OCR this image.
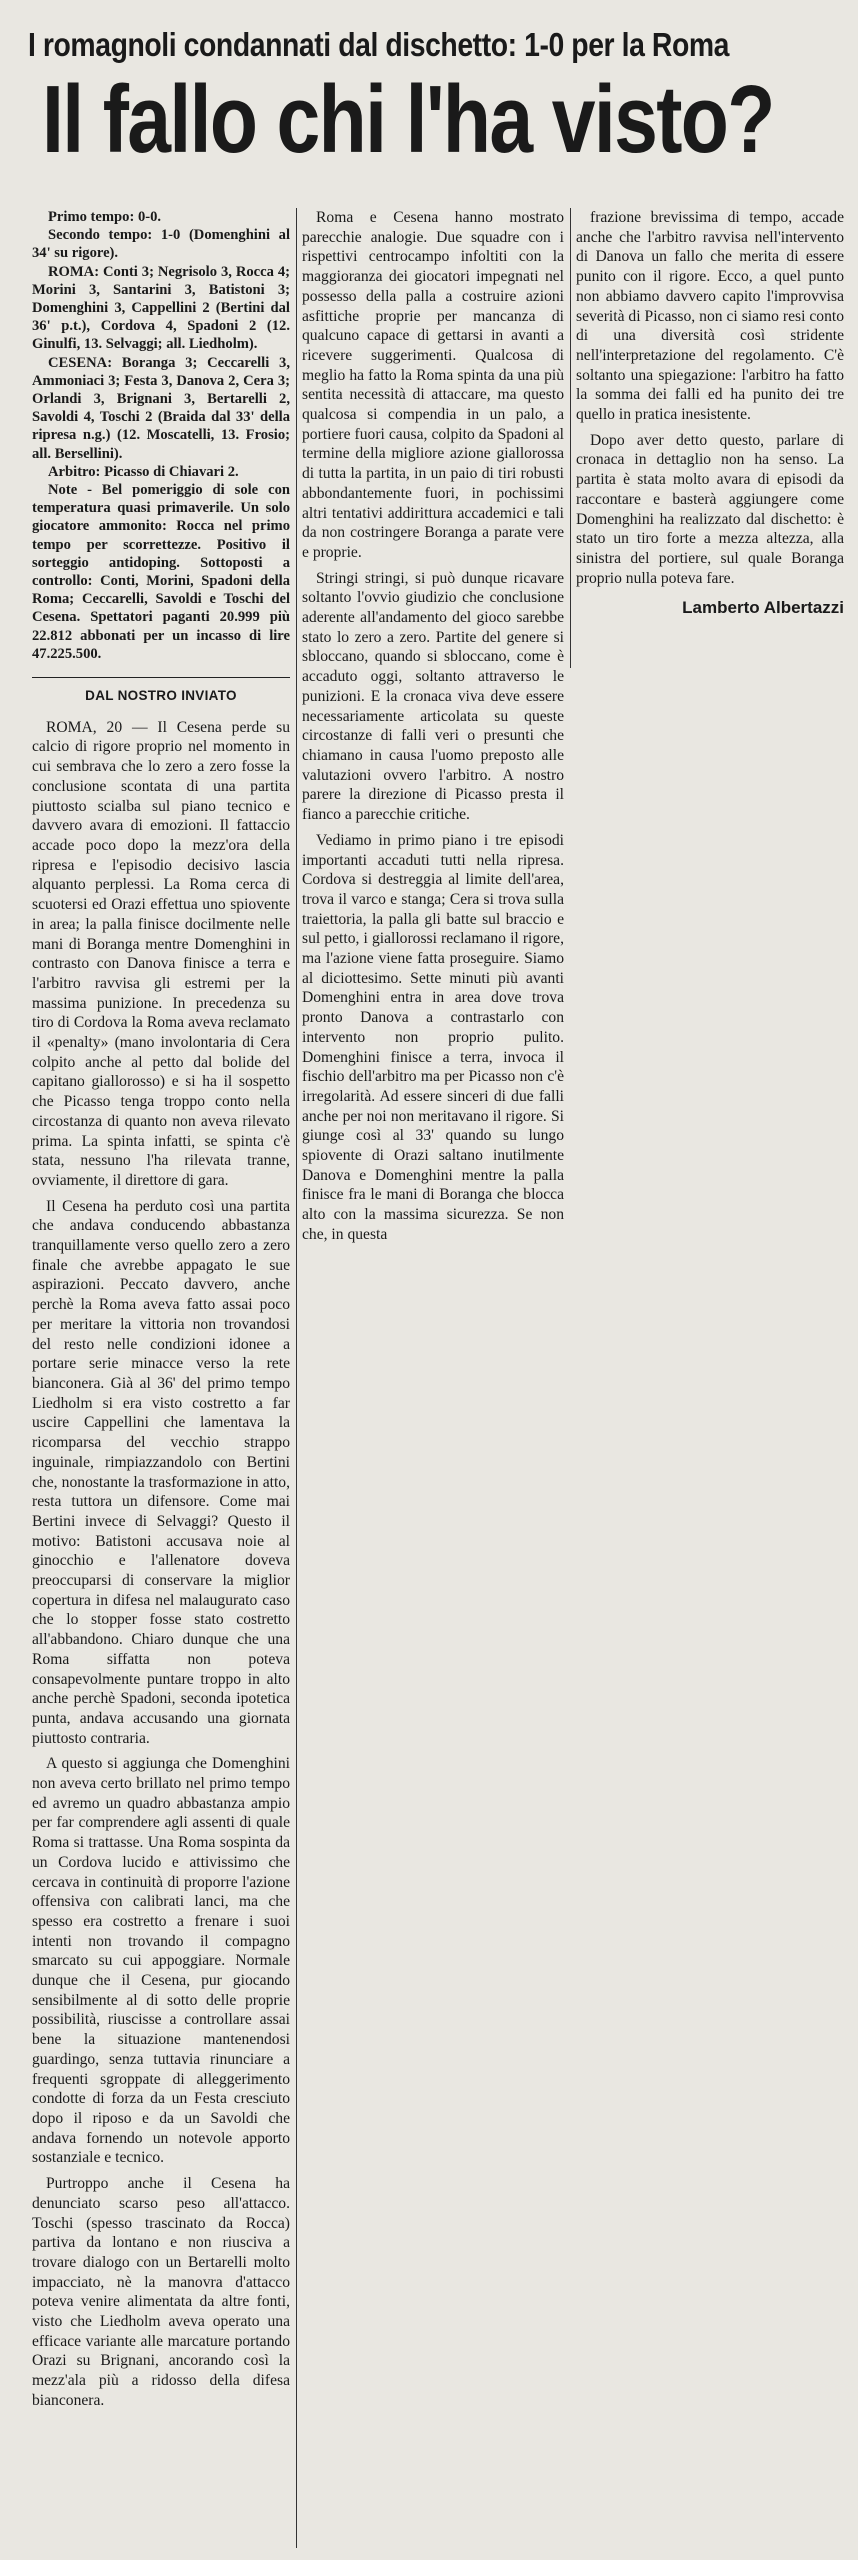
I romagnoli condannati dal dischetto: 1-0 per la Roma
Il fallo chi l'ha visto?

Primo tempo: 0-0.

Secondo tempo: 1-0 (Domenghini al 34' su rigore).

ROMA: Conti 3; Negrisolo 3, Rocca 4; Morini 3, Santarini 3, Batistoni 3; Domenghini 3, Cappellini 2 (Bertini dal 36' p.t.), Cordova 4, Spadoni 2 (12. Ginulfi, 13. Selvaggi; all. Liedholm).

CESENA: Boranga 3; Ceccarelli 3, Ammoniaci 3; Festa 3, Danova 2, Cera 3; Orlandi 3, Brignani 3, Bertarelli 2, Savoldi 4, Toschi 2 (Braida dal 33' della ripresa n.g.) (12. Moscatelli, 13. Frosio; all. Bersellini).

Arbitro: Picasso di Chiavari 2.

Note - Bel pomeriggio di sole con temperatura quasi primaverile. Un solo giocatore ammonito: Rocca nel primo tempo per scorrettezze. Positivo il sorteggio antidoping. Sottoposti a controllo: Conti, Morini, Spadoni della Roma; Ceccarelli, Savoldi e Toschi del Cesena. Spettatori paganti 20.999 più 22.812 abbonati per un incasso di lire 47.225.500.

DAL NOSTRO INVIATO

ROMA, 20 — Il Cesena perde su calcio di rigore proprio nel momento in cui sembrava che lo zero a zero fosse la conclusione scontata di una partita piuttosto scialba sul piano tecnico e davvero avara di emozioni. Il fattaccio accade poco dopo la mezz'ora della ripresa e l'episodio decisivo lascia alquanto perplessi. La Roma cerca di scuotersi ed Orazi effettua uno spiovente in area; la palla finisce docilmente nelle mani di Boranga mentre Domenghini in contrasto con Danova finisce a terra e l'arbitro ravvisa gli estremi per la massima punizione. In precedenza su tiro di Cordova la Roma aveva reclamato il «penalty» (mano involontaria di Cera colpito anche al petto dal bolide del capitano giallorosso) e si ha il sospetto che Picasso tenga troppo conto nella circostanza di quanto non aveva rilevato prima. La spinta infatti, se spinta c'è stata, nessuno l'ha rilevata tranne, ovviamente, il direttore di gara.

Il Cesena ha perduto così una partita che andava conducendo abbastanza tranquillamente verso quello zero a zero finale che avrebbe appagato le sue aspirazioni. Peccato davvero, anche perchè la Roma aveva fatto assai poco per meritare la vittoria non trovandosi del resto nelle condizioni idonee a portare serie minacce verso la rete bianconera. Già al 36' del primo tempo Liedholm si era visto costretto a far uscire Cappellini che lamentava la ricomparsa del vecchio strappo inguinale, rimpiazzandolo con Bertini che, nonostante la trasformazione in atto, resta tuttora un difensore. Come mai Bertini invece di Selvaggi? Questo il motivo: Batistoni accusava noie al ginocchio e l'allenatore doveva preoccuparsi di conservare la miglior copertura in difesa nel malaugurato caso che lo stopper fosse stato costretto all'abbandono. Chiaro dunque che una Roma siffatta non poteva consapevolmente puntare troppo in alto anche perchè Spadoni, seconda ipotetica punta, andava accusando una giornata piuttosto contraria.

A questo si aggiunga che Domenghini non aveva certo brillato nel primo tempo ed avremo un quadro abbastanza ampio per far comprendere agli assenti di quale Roma si trattasse. Una Roma sospinta da un Cordova lucido e attivissimo che cercava in continuità di proporre l'azione offensiva con calibrati lanci, ma che spesso era costretto a frenare i suoi intenti non trovando il compagno smarcato su cui appoggiare. Normale dunque che il Cesena, pur giocando sensibilmente al di sotto delle proprie possibilità, riuscisse a controllare assai bene la situazione mantenendosi guardingo, senza tuttavia rinunciare a frequenti sgroppate di alleggerimento condotte di forza da un Festa cresciuto dopo il riposo e da un Savoldi che andava fornendo un notevole apporto sostanziale e tecnico.

Purtroppo anche il Cesena ha denunciato scarso peso all'attacco. Toschi (spesso trascinato da Rocca) partiva da lontano e non riusciva a trovare dialogo con un Bertarelli molto impacciato, nè la manovra d'attacco poteva venire alimentata da altre fonti, visto che Liedholm aveva operato una efficace variante alle marcature portando Orazi su Brignani, ancorando così la mezz'ala più a ridosso della difesa bianconera.

Roma e Cesena hanno mostrato parecchie analogie. Due squadre con i rispettivi centrocampo infoltiti con la maggioranza dei giocatori impegnati nel possesso della palla a costruire azioni asfittiche proprie per mancanza di qualcuno capace di gettarsi in avanti a ricevere suggerimenti. Qualcosa di meglio ha fatto la Roma spinta da una più sentita necessità di attaccare, ma questo qualcosa si compendia in un palo, a portiere fuori causa, colpito da Spadoni al termine della migliore azione giallorossa di tutta la partita, in un paio di tiri robusti abbondantemente fuori, in pochissimi altri tentativi addirittura accademici e tali da non costringere Boranga a parate vere e proprie.

Stringi stringi, si può dunque ricavare soltanto l'ovvio giudizio che conclusione aderente all'andamento del gioco sarebbe stato lo zero a zero. Partite del genere si sbloccano, quando si sbloccano, come è accaduto oggi, soltanto attraverso le punizioni. E la cronaca viva deve essere necessariamente articolata su queste circostanze di falli veri o presunti che chiamano in causa l'uomo preposto alle valutazioni ovvero l'arbitro. A nostro parere la direzione di Picasso presta il fianco a parecchie critiche.

Vediamo in primo piano i tre episodi importanti accaduti tutti nella ripresa. Cordova si destreggia al limite dell'area, trova il varco e stanga; Cera si trova sulla traiettoria, la palla gli batte sul braccio e sul petto, i giallorossi reclamano il rigore, ma l'azione viene fatta proseguire. Siamo al diciottesimo. Sette minuti più avanti Domenghini entra in area dove trova pronto Danova a contrastarlo con intervento non proprio pulito. Domenghini finisce a terra, invoca il fischio dell'arbitro ma per Picasso non c'è irregolarità. Ad essere sinceri di due falli anche per noi non meritavano il rigore. Si giunge così al 33' quando su lungo spiovente di Orazi saltano inutilmente Danova e Domenghini mentre la palla finisce fra le mani di Boranga che blocca alto con la massima sicurezza. Se non che, in questa

frazione brevissima di tempo, accade anche che l'arbitro ravvisa nell'intervento di Danova un fallo che merita di essere punito con il rigore. Ecco, a quel punto non abbiamo davvero capito l'improvvisa severità di Picasso, non ci siamo resi conto di una diversità così stridente nell'interpretazione del regolamento. C'è soltanto una spiegazione: l'arbitro ha fatto la somma dei falli ed ha punito dei tre quello in pratica inesistente.

Dopo aver detto questo, parlare di cronaca in dettaglio non ha senso. La partita è stata molto avara di episodi da raccontare e basterà aggiungere come Domenghini ha realizzato dal dischetto: è stato un tiro forte a mezza altezza, alla sinistra del portiere, sul quale Boranga proprio nulla poteva fare.

Lamberto Albertazzi
